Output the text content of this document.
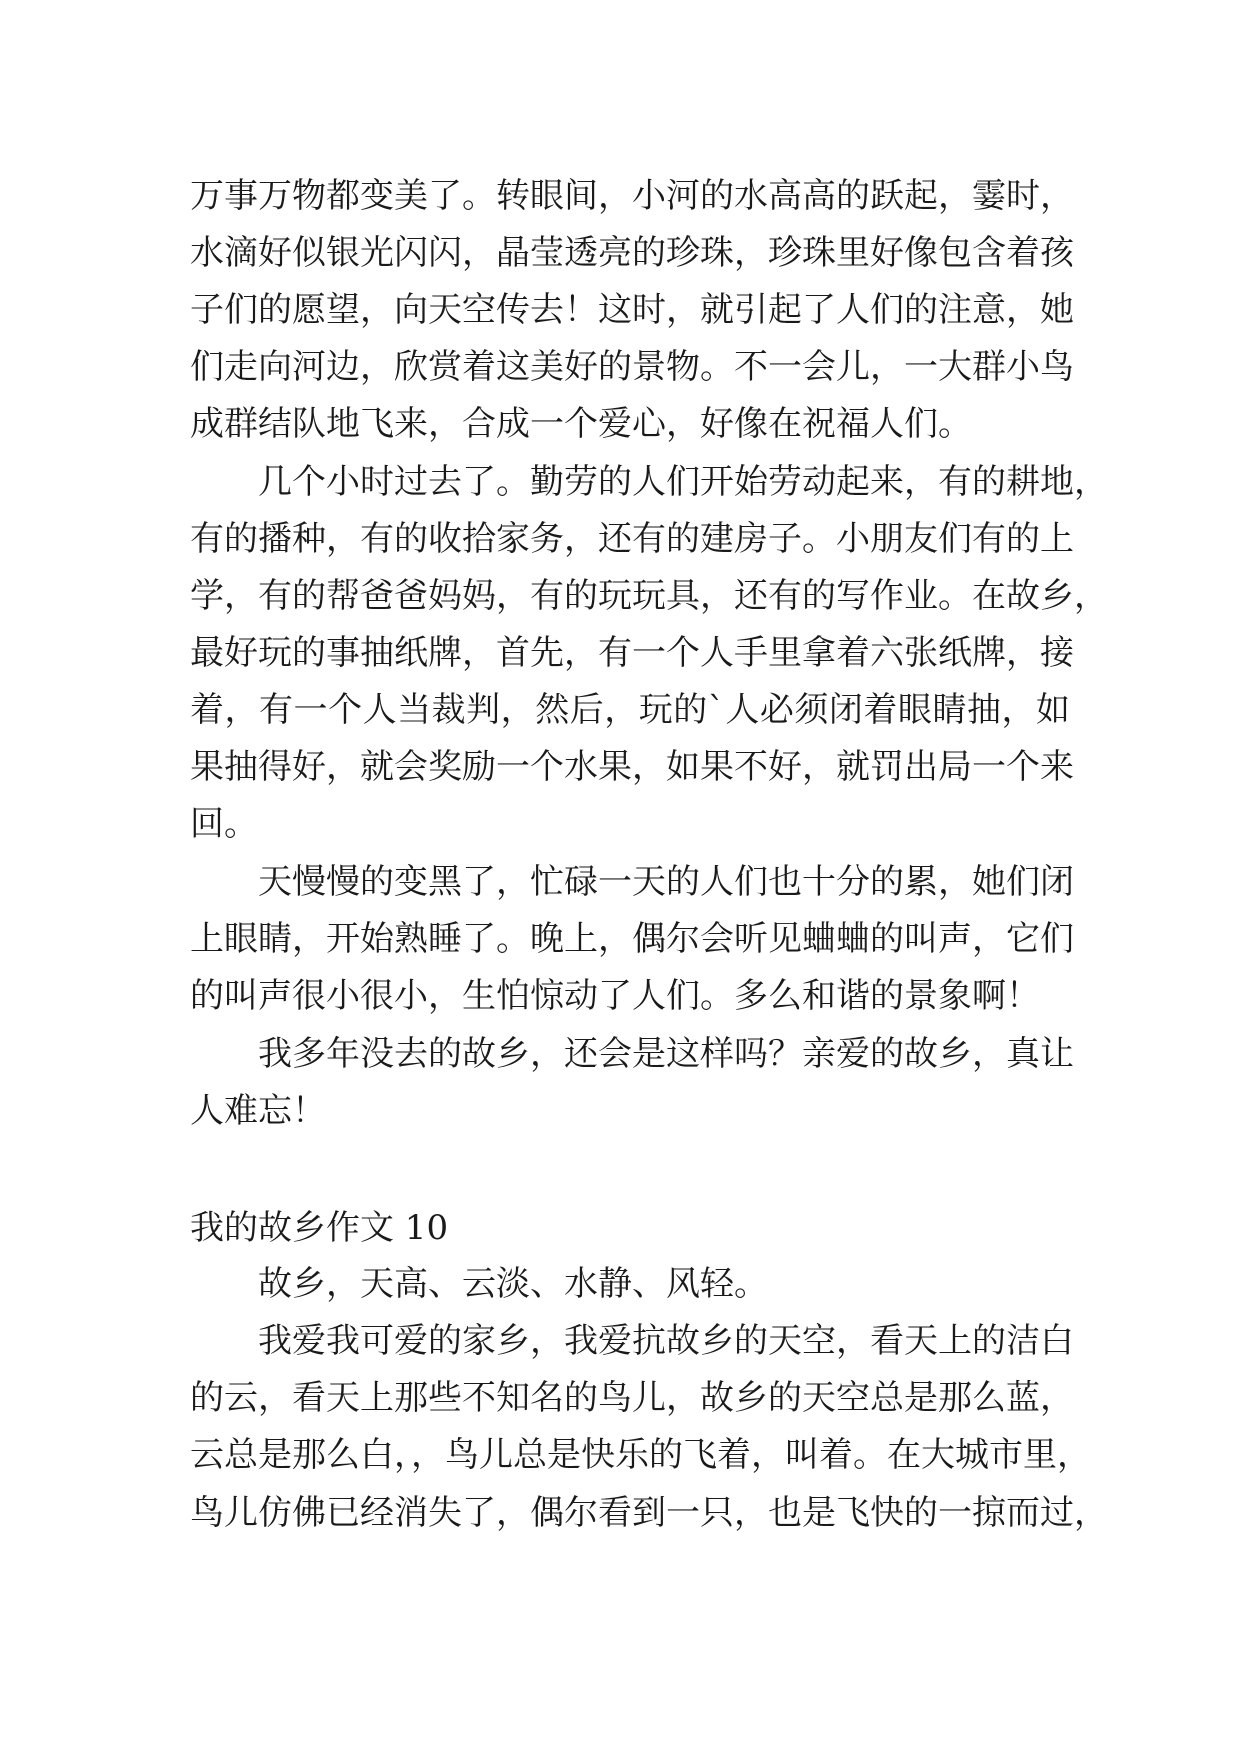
万事万物都变美了。转眼间，小河的水高高的跃起，霎时，
水滴好似银光闪闪，晶莹透亮的珍珠，珍珠里好像包含着孩
子们的愿望，向天空传去！这时，就引起了人们的注意，她
们走向河边，欣赏着这美好的景物。不一会儿，一大群小鸟
成群结队地飞来，合成一个爱心，好像在祝福人们。
几个小时过去了。勤劳的人们开始劳动起来，有的耕地，
有的播种，有的收拾家务，还有的建房子。小朋友们有的上
学，有的帮爸爸妈妈，有的玩玩具，还有的写作业。在故乡，
最好玩的事抽纸牌，首先，有一个人手里拿着六张纸牌，接
着，有一个人当裁判，然后，玩的`人必须闭着眼睛抽，如
果抽得好，就会奖励一个水果，如果不好，就罚出局一个来
回。
天慢慢的变黑了，忙碌一天的人们也十分的累，她们闭
上眼睛，开始熟睡了。晚上，偶尔会听见蛐蛐的叫声，它们
的叫声很小很小，生怕惊动了人们。多么和谐的景象啊！
我多年没去的故乡，还会是这样吗？亲爱的故乡，真让
人难忘！
我的故乡作文 10
故乡，天高、云淡、水静、风轻。
我爱我可爱的家乡，我爱抗故乡的天空，看天上的洁白
的云，看天上那些不知名的鸟儿，故乡的天空总是那么蓝，
云总是那么白，，鸟儿总是快乐的飞着，叫着。在大城市里，
鸟儿仿佛已经消失了，偶尔看到一只，也是飞快的一掠而过，
